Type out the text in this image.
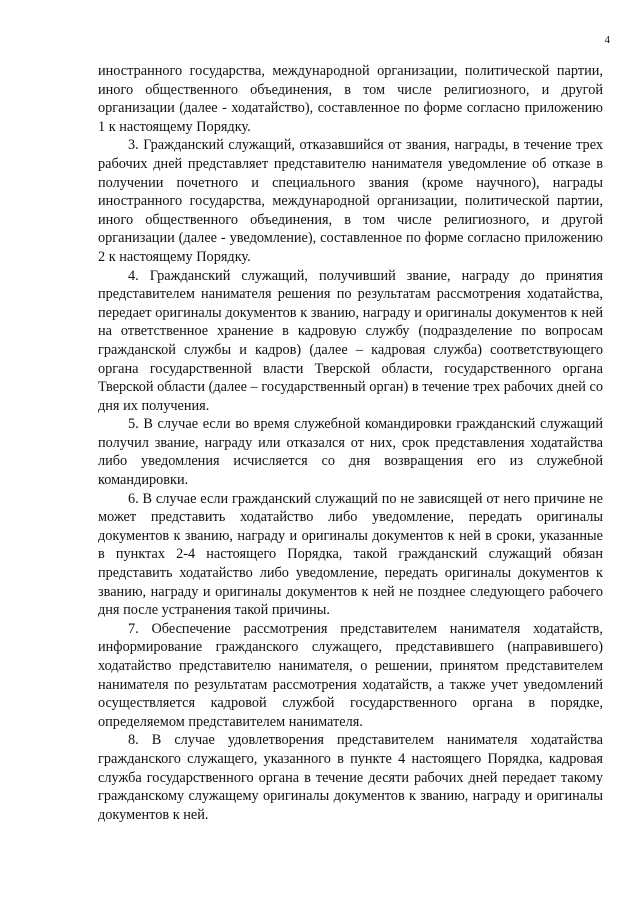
4

иностранного государства, международной организации, политической партии, иного общественного объединения, в том числе религиозного, и другой организации (далее - ходатайство), составленное по форме согласно приложению 1 к настоящему Порядку.

3. Гражданский служащий, отказавшийся от звания, награды, в течение трех рабочих дней представляет представителю нанимателя уведомление об отказе в получении почетного и специального звания (кроме научного), награды иностранного государства, международной организации, политической партии, иного общественного объединения, в том числе религиозного, и другой организации (далее - уведомление), составленное по форме согласно приложению 2 к настоящему Порядку.

4. Гражданский служащий, получивший звание, награду до принятия представителем нанимателя решения по результатам рассмотрения ходатайства, передает оригиналы документов к званию, награду и оригиналы документов к ней на ответственное хранение в кадровую службу (подразделение по вопросам гражданской службы и кадров) (далее – кадровая служба) соответствующего органа государственной власти Тверской области, государственного органа Тверской области (далее – государственный орган) в течение трех рабочих дней со дня их получения.

5. В случае если во время служебной командировки гражданский служащий получил звание, награду или отказался от них, срок представления ходатайства либо уведомления исчисляется со дня возвращения его из служебной командировки.

6. В случае если гражданский служащий по не зависящей от него причине не может представить ходатайство либо уведомление, передать оригиналы документов к званию, награду и оригиналы документов к ней в сроки, указанные в пунктах 2-4 настоящего Порядка, такой гражданский служащий обязан представить ходатайство либо уведомление, передать оригиналы документов к званию, награду и оригиналы документов к ней не позднее следующего рабочего дня после устранения такой причины.

7. Обеспечение рассмотрения представителем нанимателя ходатайств, информирование гражданского служащего, представившего (направившего) ходатайство представителю нанимателя, о решении, принятом представителем нанимателя по результатам рассмотрения ходатайств, а также учет уведомлений осуществляется кадровой службой государственного органа в порядке, определяемом представителем нанимателя.

8. В случае удовлетворения представителем нанимателя ходатайства гражданского служащего, указанного в пункте 4 настоящего Порядка, кадровая служба государственного органа в течение десяти рабочих дней передает такому гражданскому служащему оригиналы документов к званию, награду и оригиналы документов к ней.
